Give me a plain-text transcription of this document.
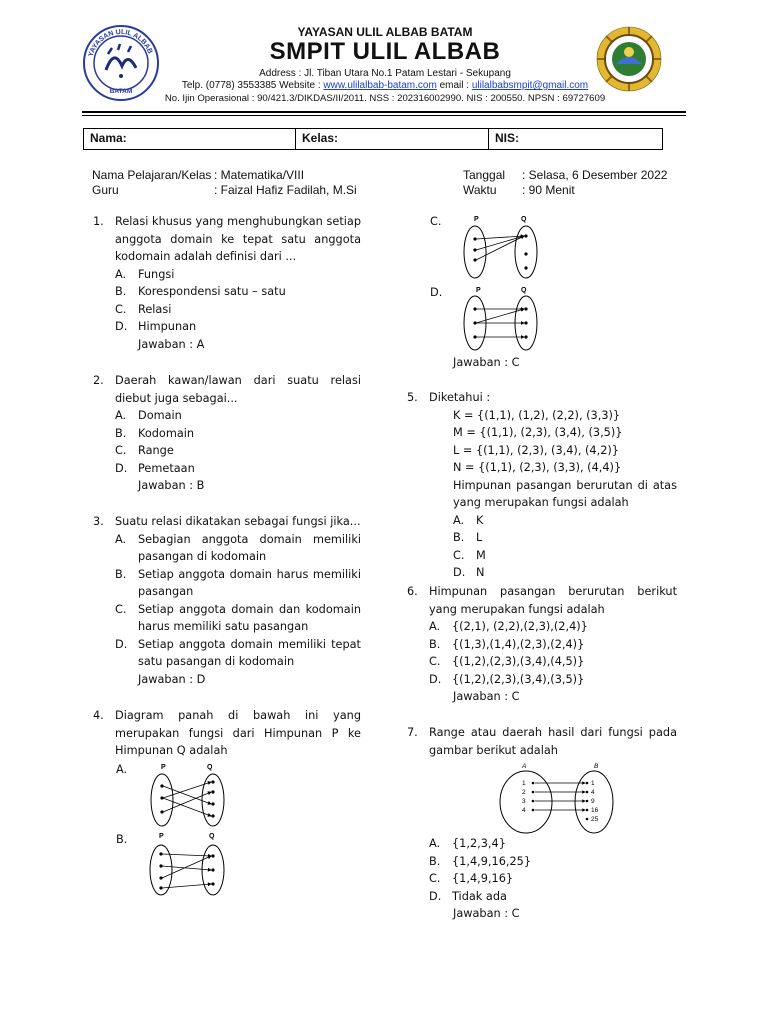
YAYASAN ULIL ALBAB
BATAM
YAYASAN ULIL ALBAB BATAM
SMPIT ULIL ALBAB
Address : Jl. Tiban Utara No.1 Patam Lestari - Sekupang
Telp. (0778) 3553385 Website : www.ulilalbab-batam.com email : ulilalbabsmpit@gmail.com
No. Ijin Operasional : 90/421.3/DIKDAS/II/2011. NSS : 202316002990. NIS : 200550. NPSN : 69727609
Nama:	Kelas:	NIS:
Nama Pelajaran/Kelas : Matematika/VIII
Guru	: Faizal Hafiz Fadilah, M.Si
Tanggal : Selasa, 6 Desember 2022
Waktu : 90 Menit
1. Relasi khusus yang menghubungkan setiap anggota domain ke tepat satu anggota kodomain adalah definisi dari ...
A.	Fungsi
B.	Korespondensi satu – satu
C.	Relasi
D. Himpunan
Jawaban : A
2. Daerah kawan/lawan dari suatu relasi diebut juga sebagai...
A.	Domain
B.	Kodomain
C.	Range
D. Pemetaan
Jawaban : B
3. Suatu relasi dikatakan sebagai fungsi jika...
A.	Sebagian anggota domain memiliki pasangan di kodomain
B.	Setiap anggota domain harus memiliki pasangan
C.	Setiap anggota domain dan kodomain harus memiliki satu pasangan
D. Setiap anggota domain memiliki tepat satu pasangan di kodomain
Jawaban : D
4. Diagram panah di bawah ini yang merupakan fungsi dari Himpunan P ke Himpunan Q adalah
A.
B.
P	Q
P	Q
C.
D.
P	Q
P	Q
Jawaban : C
5. Diketahui :
K = {(1,1), (1,2), (2,2), (3,3)}
M = {(1,1), (2,3), (3,4), (3,5)}
L = {(1,1), (2,3), (3,4), (4,2)}
N = {(1,1), (2,3), (3,3), (4,4)}
Himpunan pasangan berurutan di atas yang merupakan fungsi adalah
A.	K
B.	L
C.	M
D. N
6. Himpunan pasangan berurutan berikut yang merupakan fungsi adalah
A.	{(2,1), (2,2),(2,3),(2,4)}
B.	{(1,3),(1,4),(2,3),(2,4)}
C.	{(1,2),(2,3),(3,4),(4,5)}
D. {(1,2),(2,3),(3,4),(3,5)}
Jawaban : C
7. Range atau daerah hasil dari fungsi pada gambar berikut adalah
A	B
1
2
3
4
1
4
9
16
25
A.	{1,2,3,4}
B.	{1,4,9,16,25}
C.	{1,4,9,16}
D. Tidak ada
Jawaban : C
